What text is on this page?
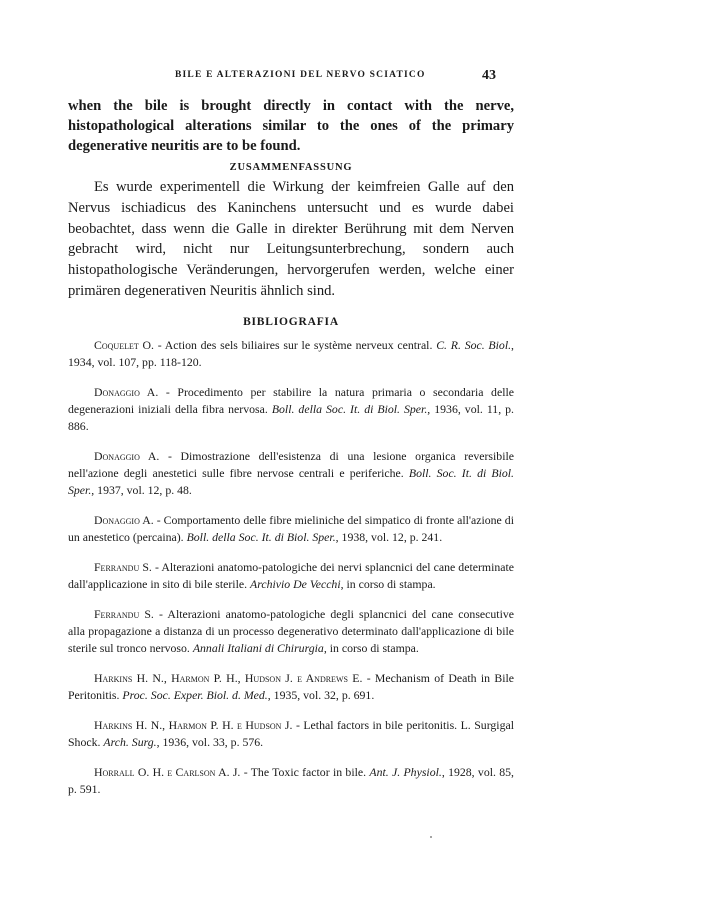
BILE E ALTERAZIONI DEL NERVO SCIATICO	43
when the bile is brought directly in contact with the nerve, histopathological alterations similar to the ones of the primary degenerative neuritis are to be found.
ZUSAMMENFASSUNG
Es wurde experimentell die Wirkung der keimfreien Galle auf den Nervus ischiadicus des Kaninchens untersucht und es wurde dabei beobachtet, dass wenn die Galle in direkter Berührung mit dem Nerven gebracht wird, nicht nur Leitungsunterbrechung, sondern auch histopathologische Veränderungen, hervorgerufen werden, welche einer primären degenerativen Neuritis ähnlich sind.
BIBLIOGRAFIA

Coquelet O. - Action des sels biliaires sur le système nerveux central. C. R. Soc. Biol., 1934, vol. 107, pp. 118-120.

Donaggio A. - Procedimento per stabilire la natura primaria o secondaria delle degenerazioni iniziali della fibra nervosa. Boll. della Soc. It. di Biol. Sper., 1936, vol. 11, p. 886.

Donaggio A. - Dimostrazione dell'esistenza di una lesione organica reversibile nell'azione degli anestetici sulle fibre nervose centrali e periferiche. Boll. Soc. It. di Biol. Sper., 1937, vol. 12, p. 48.

Donaggio A. - Comportamento delle fibre mieliniche del simpatico di fronte all'azione di un anestetico (percaina). Boll. della Soc. It. di Biol. Sper., 1938, vol. 12, p. 241.

Ferrandu S. - Alterazioni anatomo-patologiche dei nervi splancnici del cane determinate dall'applicazione in sito di bile sterile. Archivio De Vecchi, in corso di stampa.

Ferrandu S. - Alterazioni anatomo-patologiche degli splancnici del cane consecutive alla propagazione a distanza di un processo degenerativo determinato dall'applicazione di bile sterile sul tronco nervoso. Annali Italiani di Chirurgia, in corso di stampa.

Harkins H. N., Harmon P. H., Hudson J. e Andrews E. - Mechanism of Death in Bile Peritonitis. Proc. Soc. Exper. Biol. d. Med., 1935, vol. 32, p. 691.

Harkins H. N., Harmon P. H. e Hudson J. - Lethal factors in bile peritonitis. L. Surgigal Shock. Arch. Surg., 1936, vol. 33, p. 576.

Horrall O. H. e Carlson A. J. - The Toxic factor in bile. Ant. J. Physiol., 1928, vol. 85, p. 591.
